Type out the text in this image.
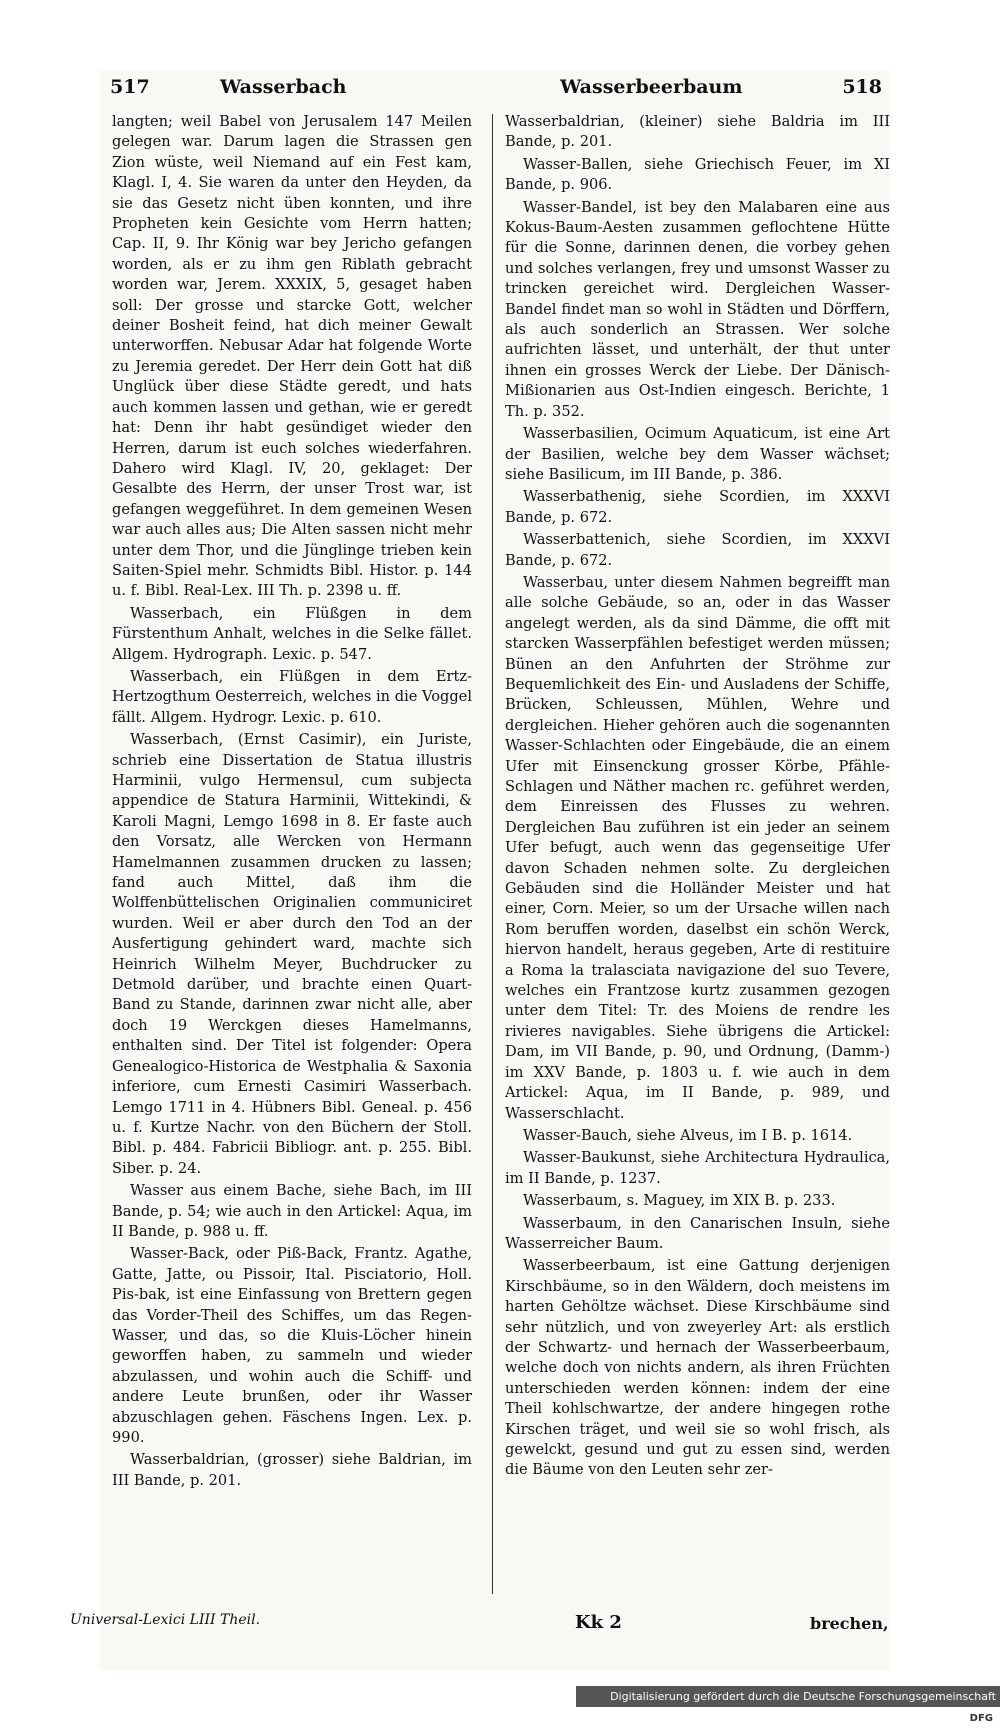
517	Wasserbach	Wasserbeerbaum	518

langten; weil Babel von Jerusalem 147 Meilen gelegen war. Darum lagen die Strassen gen Zion wüste, weil Niemand auf ein Fest kam, Klagl. I, 4. Sie waren da unter den Heyden, da sie das Gesetz nicht üben konnten, und ihre Propheten kein Gesichte vom Herrn hatten; Cap. II, 9. Ihr König war bey Jericho gefangen worden, als er zu ihm gen Riblath gebracht worden war, Jerem. XXXIX, 5, gesaget haben soll: Der grosse und starcke Gott, welcher deiner Bosheit feind, hat dich meiner Gewalt unterworffen. Nebusar Adar hat folgende Worte zu Jeremia geredet. Der Herr dein Gott hat diß Unglück über diese Städte geredt, und hats auch kommen lassen und gethan, wie er geredt hat: Denn ihr habt gesündiget wieder den Herren, darum ist euch solches wiederfahren. Dahero wird Klagl. IV, 20, geklaget: Der Gesalbte des Herrn, der unser Trost war, ist gefangen weggeführet. In dem gemeinen Wesen war auch alles aus; Die Alten sassen nicht mehr unter dem Thor, und die Jünglinge trieben kein Saiten-Spiel mehr. Schmidts Bibl. Histor. p. 144 u. f. Bibl. Real-Lex. III Th. p. 2398 u. ff.

Wasserbach, ein Flüßgen in dem Fürstenthum Anhalt, welches in die Selke fället. Allgem. Hydrograph. Lexic. p. 547.

Wasserbach, ein Flüßgen in dem Ertz-Hertzogthum Oesterreich, welches in die Voggel fällt. Allgem. Hydrogr. Lexic. p. 610.

Wasserbach, (Ernst Casimir), ein Juriste, schrieb eine Dissertation de Statua illustris Harminii, vulgo Hermensul, cum subjecta appendice de Statura Harminii, Wittekindi, & Karoli Magni, Lemgo 1698 in 8. Er faste auch den Vorsatz, alle Wercken von Hermann Hamelmannen zusammen drucken zu lassen; fand auch Mittel, daß ihm die Wolffenbüttelischen Originalien communiciret wurden. Weil er aber durch den Tod an der Ausfertigung gehindert ward, machte sich Heinrich Wilhelm Meyer, Buchdrucker zu Detmold darüber, und brachte einen Quart-Band zu Stande, darinnen zwar nicht alle, aber doch 19 Werckgen dieses Hamelmanns, enthalten sind. Der Titel ist folgender: Opera Genealogico-Historica de Westphalia & Saxonia inferiore, cum Ernesti Casimiri Wasserbach. Lemgo 1711 in 4. Hübners Bibl. Geneal. p. 456 u. f. Kurtze Nachr. von den Büchern der Stoll. Bibl. p. 484. Fabricii Bibliogr. ant. p. 255. Bibl. Siber. p. 24.

Wasser aus einem Bache, siehe Bach, im III Bande, p. 54; wie auch in den Artickel: Aqua, im II Bande, p. 988 u. ff.

Wasser-Back, oder Piß-Back, Frantz. Agathe, Gatte, Jatte, ou Pissoir, Ital. Pisciatorio, Holl. Pis-bak, ist eine Einfassung von Brettern gegen das Vorder-Theil des Schiffes, um das Regen-Wasser, und das, so die Kluis-Löcher hinein geworffen haben, zu sammeln und wieder abzulassen, und wohin auch die Schiff- und andere Leute brunßen, oder ihr Wasser abzuschlagen gehen. Fäschens Ingen. Lex. p. 990.

Wasserbaldrian, (grosser) siehe Baldrian, im III Bande, p. 201.

Wasserbaldrian, (kleiner) siehe Baldria im III Bande, p. 201.

Wasser-Ballen, siehe Griechisch Feuer, im XI Bande, p. 906.

Wasser-Bandel, ist bey den Malabaren eine aus Kokus-Baum-Aesten zusammen geflochtene Hütte für die Sonne, darinnen denen, die vorbey gehen und solches verlangen, frey und umsonst Wasser zu trincken gereichet wird. Dergleichen Wasser-Bandel findet man so wohl in Städten und Dörffern, als auch sonderlich an Strassen. Wer solche aufrichten lässet, und unterhält, der thut unter ihnen ein grosses Werck der Liebe. Der Dänisch-Mißionarien aus Ost-Indien eingesch. Berichte, 1 Th. p. 352.

Wasserbasilien, Ocimum Aquaticum, ist eine Art der Basilien, welche bey dem Wasser wächset; siehe Basilicum, im III Bande, p. 386.

Wasserbathenig, siehe Scordien, im XXXVI Bande, p. 672.

Wasserbattenich, siehe Scordien, im XXXVI Bande, p. 672.

Wasserbau, unter diesem Nahmen begreifft man alle solche Gebäude, so an, oder in das Wasser angelegt werden, als da sind Dämme, die offt mit starcken Wasserpfählen befestiget werden müssen; Bünen an den Anfuhrten der Ströhme zur Bequemlichkeit des Ein- und Ausladens der Schiffe, Brücken, Schleussen, Mühlen, Wehre und dergleichen. Hieher gehören auch die sogenannten Wasser-Schlachten oder Eingebäude, die an einem Ufer mit Einsenckung grosser Körbe, Pfähle-Schlagen und Näther machen rc. geführet werden, dem Einreissen des Flusses zu wehren. Dergleichen Bau zuführen ist ein jeder an seinem Ufer befugt, auch wenn das gegenseitige Ufer davon Schaden nehmen solte. Zu dergleichen Gebäuden sind die Holländer Meister und hat einer, Corn. Meier, so um der Ursache willen nach Rom beruffen worden, daselbst ein schön Werck, hiervon handelt, heraus gegeben, Arte di restituire a Roma la tralasciata navigazione del suo Tevere, welches ein Frantzose kurtz zusammen gezogen unter dem Titel: Tr. des Moiens de rendre les rivieres navigables. Siehe übrigens die Artickel: Dam, im VII Bande, p. 90, und Ordnung, (Damm-) im XXV Bande, p. 1803 u. f. wie auch in dem Artickel: Aqua, im II Bande, p. 989, und Wasserschlacht.

Wasser-Bauch, siehe Alveus, im I B. p. 1614.

Wasser-Baukunst, siehe Architectura Hydraulica, im II Bande, p. 1237.

Wasserbaum, s. Maguey, im XIX B. p. 233.

Wasserbaum, in den Canarischen Insuln, siehe Wasserreicher Baum.

Wasserbeerbaum, ist eine Gattung derjenigen Kirschbäume, so in den Wäldern, doch meistens im harten Gehöltze wächset. Diese Kirschbäume sind sehr nützlich, und von zweyerley Art: als erstlich der Schwartz- und hernach der Wasserbeerbaum, welche doch von nichts andern, als ihren Früchten unterschieden werden können: indem der eine Theil kohlschwartze, der andere hingegen rothe Kirschen träget, und weil sie so wohl frisch, als gewelckt, gesund und gut zu essen sind, werden die Bäume von den Leuten sehr zer-

Universal-Lexici LIII Theil.	Kk 2	brechen,
Digitalisierung gefördert durch die Deutsche Forschungsgemeinschaft DFG
